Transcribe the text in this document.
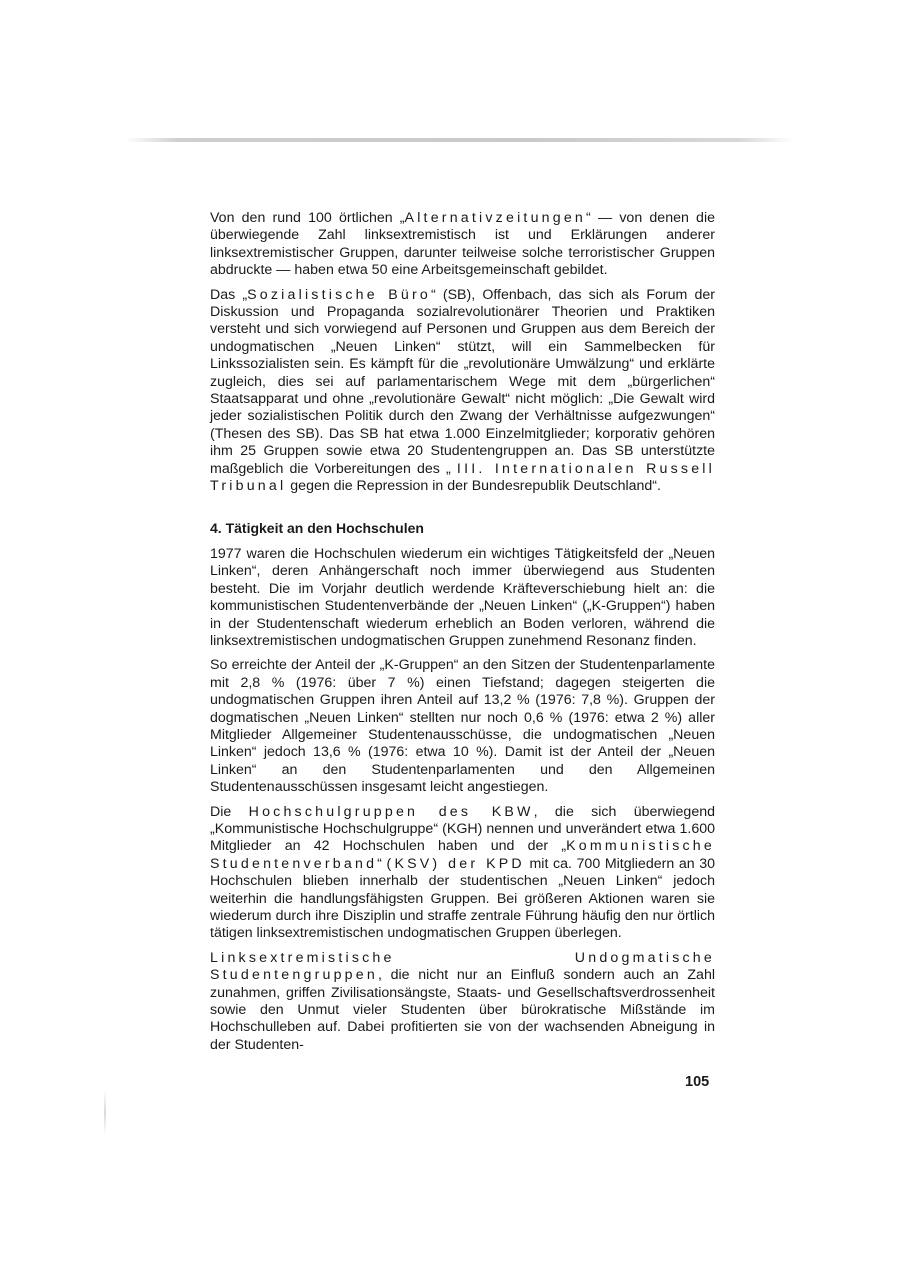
Von den rund 100 örtlichen „Alternativzeitungen“ — von denen die überwiegende Zahl linksextremistisch ist und Erklärungen anderer linksextremistischer Gruppen, darunter teilweise solche terroristischer Gruppen abdruckte — haben etwa 50 eine Arbeitsgemeinschaft gebildet.

Das „Sozialistische Büro“ (SB), Offenbach, das sich als Forum der Diskussion und Propaganda sozialrevolutionärer Theorien und Praktiken versteht und sich vorwiegend auf Personen und Gruppen aus dem Bereich der undogmatischen „Neuen Linken“ stützt, will ein Sammelbecken für Linkssozialisten sein. Es kämpft für die „revolutionäre Umwälzung“ und erklärte zugleich, dies sei auf parlamentarischem Wege mit dem „bürgerlichen“ Staatsapparat und ohne „revolutionäre Gewalt“ nicht möglich: „Die Gewalt wird jeder sozialistischen Politik durch den Zwang der Verhältnisse aufgezwungen“ (Thesen des SB). Das SB hat etwa 1.000 Einzelmitglieder; korporativ gehören ihm 25 Gruppen sowie etwa 20 Studentengruppen an. Das SB unterstützte maßgeblich die Vorbereitungen des „ III. Internationalen Russell Tribunal gegen die Repression in der Bundesrepublik Deutschland“.

4. Tätigkeit an den Hochschulen

1977 waren die Hochschulen wiederum ein wichtiges Tätigkeitsfeld der „Neuen Linken“, deren Anhängerschaft noch immer überwiegend aus Studenten besteht. Die im Vorjahr deutlich werdende Kräfteverschiebung hielt an: die kommunistischen Studentenverbände der „Neuen Linken“ („K-Gruppen“) haben in der Studentenschaft wiederum erheblich an Boden verloren, während die linksextremistischen undogmatischen Gruppen zunehmend Resonanz finden.

So erreichte der Anteil der „K-Gruppen“ an den Sitzen der Studentenparlamente mit 2,8 % (1976: über 7 %) einen Tiefstand; dagegen steigerten die undogmatischen Gruppen ihren Anteil auf 13,2 % (1976: 7,8 %). Gruppen der dogmatischen „Neuen Linken“ stellten nur noch 0,6 % (1976: etwa 2 %) aller Mitglieder Allgemeiner Studentenausschüsse, die undogmatischen „Neuen Linken“ jedoch 13,6 % (1976: etwa 10 %). Damit ist der Anteil der „Neuen Linken“ an den Studentenparlamenten und den Allgemeinen Studentenausschüssen insgesamt leicht angestiegen.

Die Hochschulgruppen des KBW, die sich überwiegend „Kommunistische Hochschulgruppe“ (KGH) nennen und unverändert etwa 1.600 Mitglieder an 42 Hochschulen haben und der „Kommunistische Studentenverband“ (KSV) der KPD mit ca. 700 Mitgliedern an 30 Hochschulen blieben innerhalb der studentischen „Neuen Linken“ jedoch weiterhin die handlungsfähigsten Gruppen. Bei größeren Aktionen waren sie wiederum durch ihre Disziplin und straffe zentrale Führung häufig den nur örtlich tätigen linksextremistischen undogmatischen Gruppen überlegen.

Linksextremistische Undogmatische Studentengruppen, die nicht nur an Einfluß sondern auch an Zahl zunahmen, griffen Zivilisationsängste, Staats- und Gesellschaftsverdrossenheit sowie den Unmut vieler Studenten über bürokratische Mißstände im Hochschulleben auf. Dabei profitierten sie von der wachsenden Abneigung in der Studenten-

105
